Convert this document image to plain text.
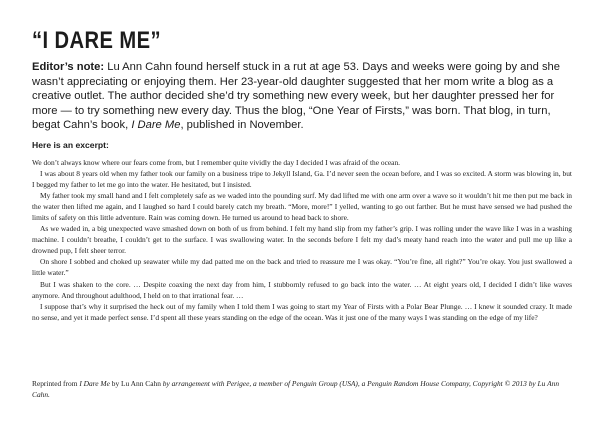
“I DARE ME”
Editor’s note: Lu Ann Cahn found herself stuck in a rut at age 53. Days and weeks were going by and she wasn’t appreciating or enjoying them. Her 23-year-old daughter suggested that her mom write a blog as a creative outlet. The author decided she’d try something new every week, but her daughter pressed her for more — to try something new every day. Thus the blog, “One Year of Firsts,” was born. That blog, in turn, begat Cahn’s book, I Dare Me, published in November.
Here is an excerpt:

We don’t always know where our fears come from, but I remember quite vividly the day I decided I was afraid of the ocean.

I was about 8 years old when my father took our family on a business tripe to Jekyll Island, Ga. I’d never seen the ocean before, and I was so excited. A storm was blowing in, but I begged my father to let me go into the water. He hesitated, but I insisted.

My father took my small hand and I felt completely safe as we waded into the pounding surf. My dad lifted me with one arm over a wave so it wouldn’t hit me then put me back in the water then lifted me again, and I laughed so hard I could barely catch my breath. “More, more!” I yelled, wanting to go out farther. But he must have sensed we had pushed the limits of safety on this little adventure. Rain was coming down. He turned us around to head back to shore.

As we waded in, a big unexpected wave smashed down on both of us from behind. I felt my hand slip from my father’s grip. I was rolling under the wave like I was in a washing machine. I couldn’t breathe, I couldn’t get to the surface. I was swallowing water. In the seconds before I felt my dad’s meaty hand reach into the water and pull me up like a drowned pup, I felt sheer terror.

On shore I sobbed and choked up seawater while my dad patted me on the back and tried to reassure me I was okay. “You’re fine, all right?” You’re okay. You just swallowed a little water.”

But I was shaken to the core. … Despite coaxing the next day from him, I stubbornly refused to go back into the water. … At eight years old, I decided I didn’t like waves anymore. And throughout adulthood, I held on to that irrational fear. …

I suppose that’s why it surprised the heck out of my family when I told them I was going to start my Year of Firsts with a Polar Bear Plunge. … I knew it sounded crazy. It made no sense, and yet it made perfect sense. I’d spent all these years standing on the edge of the ocean. Was it just one of the many ways I was standing on the edge of my life?

Reprinted from I Dare Me by Lu Ann Cahn by arrangement with Perigee, a member of Penguin Group (USA), a Penguin Random House Company, Copyright © 2013 by Lu Ann Cahn.
